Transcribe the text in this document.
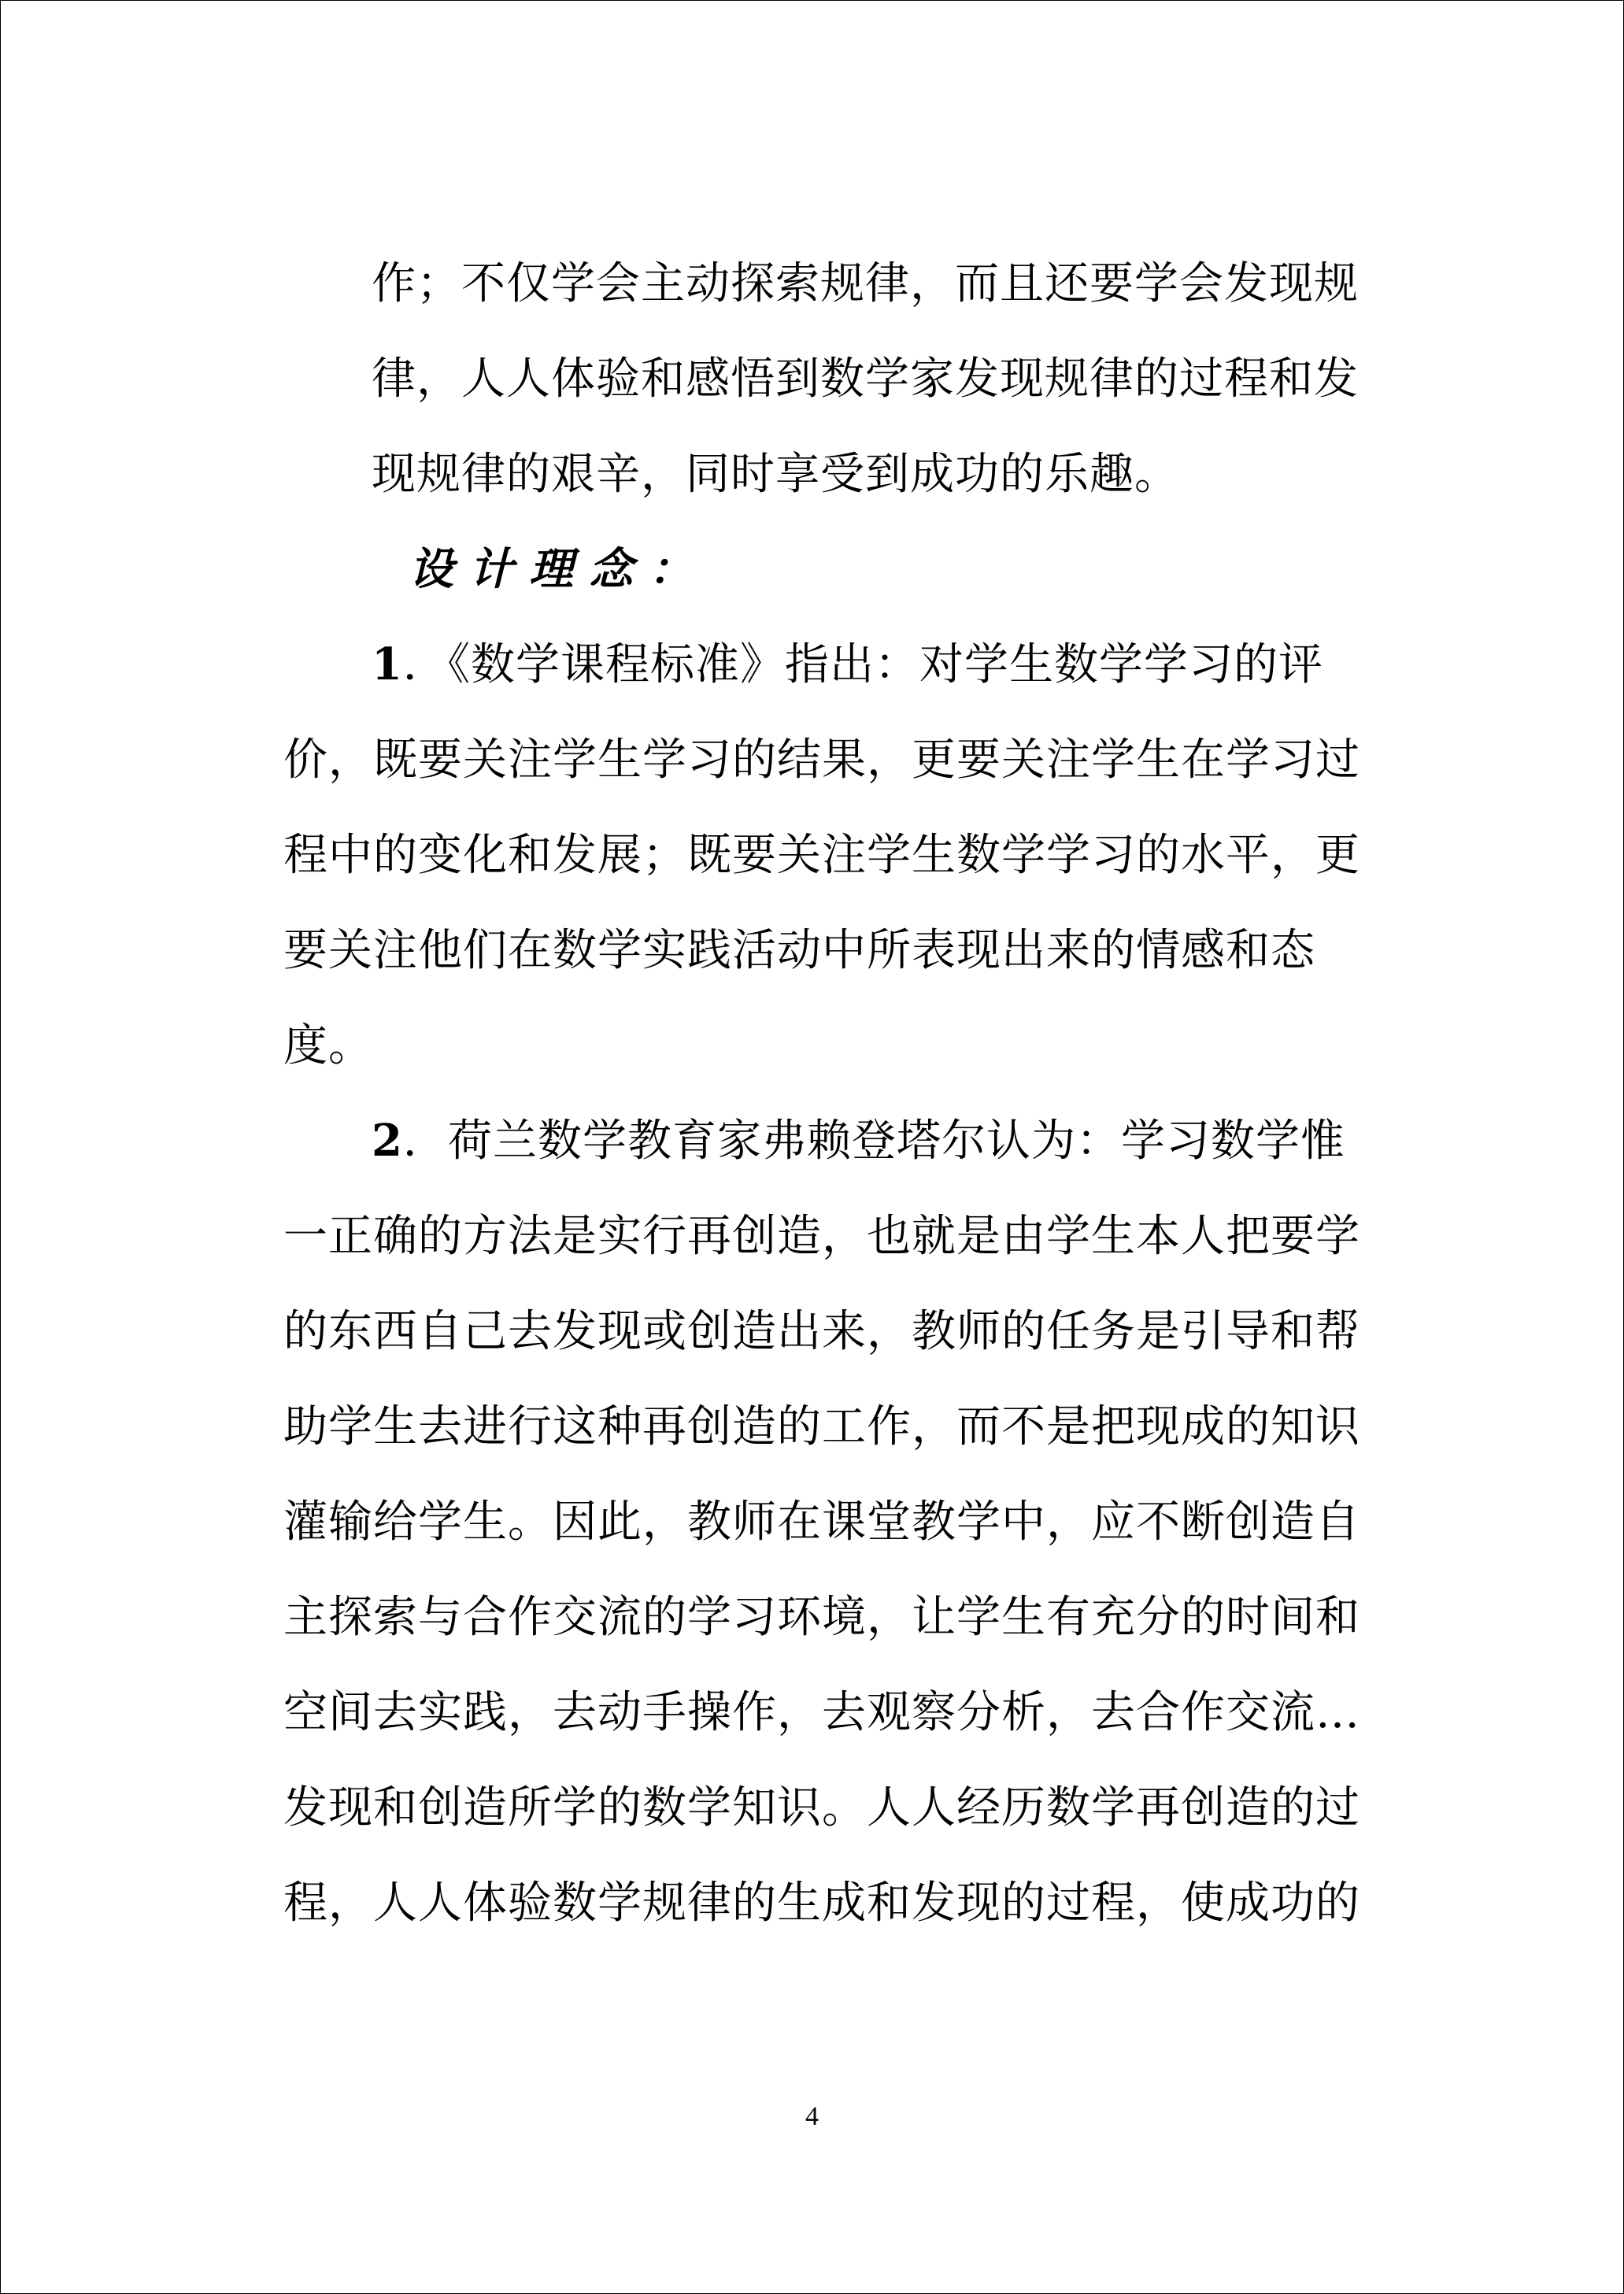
作；不仅学会主动探索规律，而且还要学会发现规
律，人人体验和感悟到数学家发现规律的过程和发
现规律的艰辛，同时享受到成功的乐趣。
设计理念：
1．《数学课程标准》指出：对学生数学学习的评
价，既要关注学生学习的结果，更要关注学生在学习过
程中的变化和发展；既要关注学生数学学习的水平，更
要关注他们在数学实践活动中所表现出来的情感和态
度。
2．荷兰数学教育家弗赖登塔尔认为：学习数学惟
一正确的方法是实行再创造，也就是由学生本人把要学
的东西自己去发现或创造出来，教师的任务是引导和帮
助学生去进行这种再创造的工作，而不是把现成的知识
灌输给学生。因此，教师在课堂教学中，应不断创造自
主探索与合作交流的学习环境，让学生有充分的时间和
空间去实践，去动手操作，去观察分析，去合作交流…
发现和创造所学的数学知识。人人经历数学再创造的过
程，人人体验数学规律的生成和发现的过程，使成功的
4
